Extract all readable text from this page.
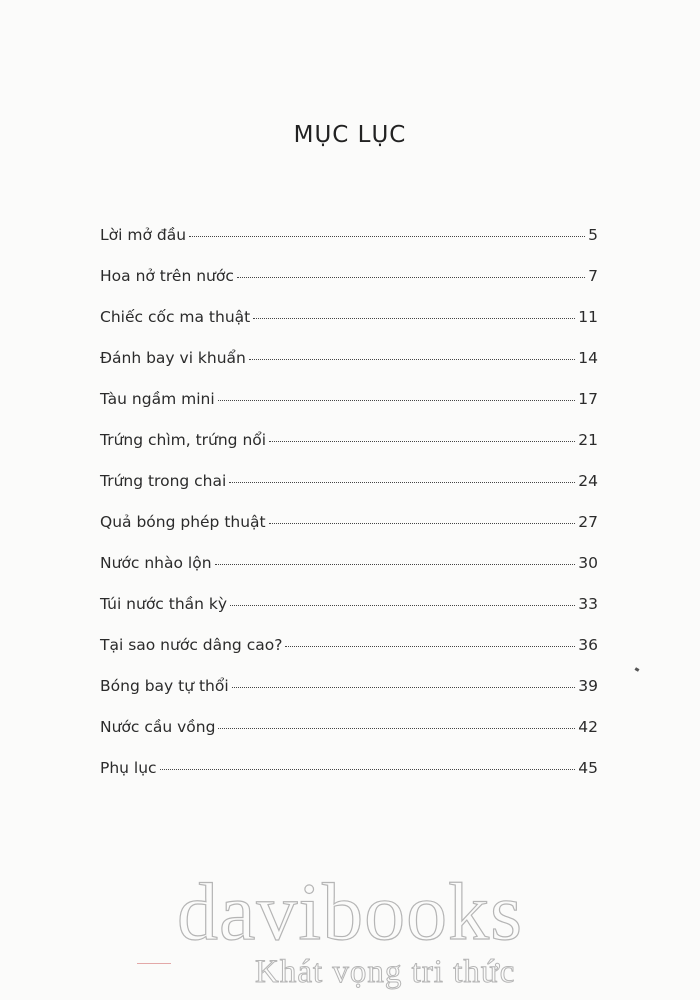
MỤC LỤC
Lời mở đầu	5
Hoa nở trên nước	7
Chiếc cốc ma thuật	11
Đánh bay vi khuẩn	14
Tàu ngầm mini	17
Trứng chìm, trứng nổi	21
Trứng trong chai	24
Quả bóng phép thuật	27
Nước nhào lộn	30
Túi nước thần kỳ	33
Tại sao nước dâng cao?	36
Bóng bay tự thổi	39
Nước cầu vồng	42
Phụ lục	45
davibooks
Khát vọng tri thức
